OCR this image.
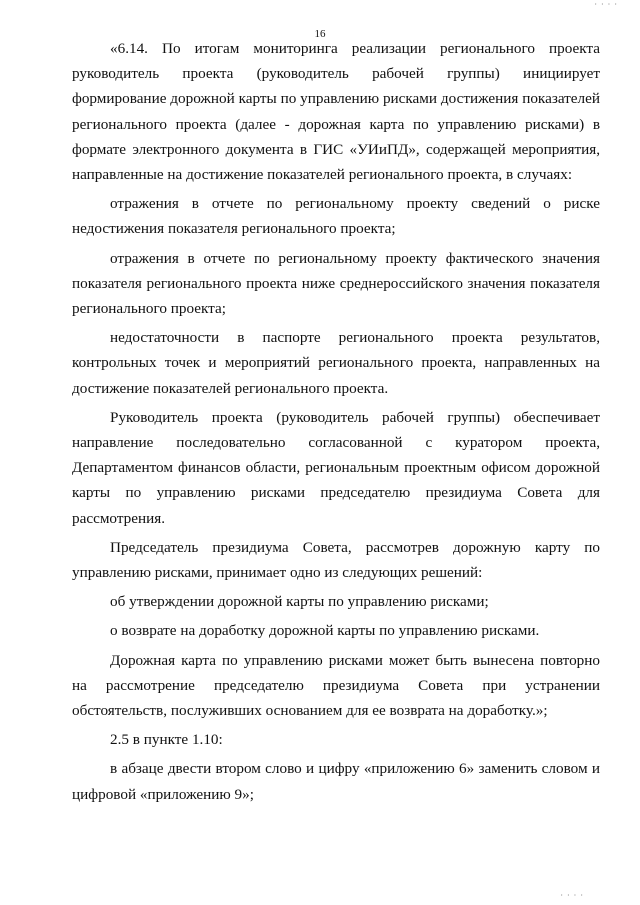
· · · ·
16

«6.14. По итогам мониторинга реализации регионального проекта руководитель проекта (руководитель рабочей группы) инициирует формирование дорожной карты по управлению рисками достижения показателей регионального проекта (далее - дорожная карта по управлению рисками) в формате электронного документа в ГИС «УИиПД», содержащей мероприятия, направленные на достижение показателей регионального проекта, в случаях:

отражения в отчете по региональному проекту сведений о риске недостижения показателя регионального проекта;

отражения в отчете по региональному проекту фактического значения показателя регионального проекта ниже среднероссийского значения показателя регионального проекта;

недостаточности в паспорте регионального проекта результатов, контрольных точек и мероприятий регионального проекта, направленных на достижение показателей регионального проекта.

Руководитель проекта (руководитель рабочей группы) обеспечивает направление последовательно согласованной с куратором проекта, Департаментом финансов области, региональным проектным офисом дорожной карты по управлению рисками председателю президиума Совета для рассмотрения.

Председатель президиума Совета, рассмотрев дорожную карту по управлению рисками, принимает одно из следующих решений:

об утверждении дорожной карты по управлению рисками;

о возврате на доработку дорожной карты по управлению рисками.

Дорожная карта по управлению рисками может быть вынесена повторно на рассмотрение председателю президиума Совета при устранении обстоятельств, послуживших основанием для ее возврата на доработку.»;

2.5 в пункте 1.10:

в абзаце двести втором слово и цифру «приложению 6» заменить словом и цифровой «приложению 9»;

· · · ·
